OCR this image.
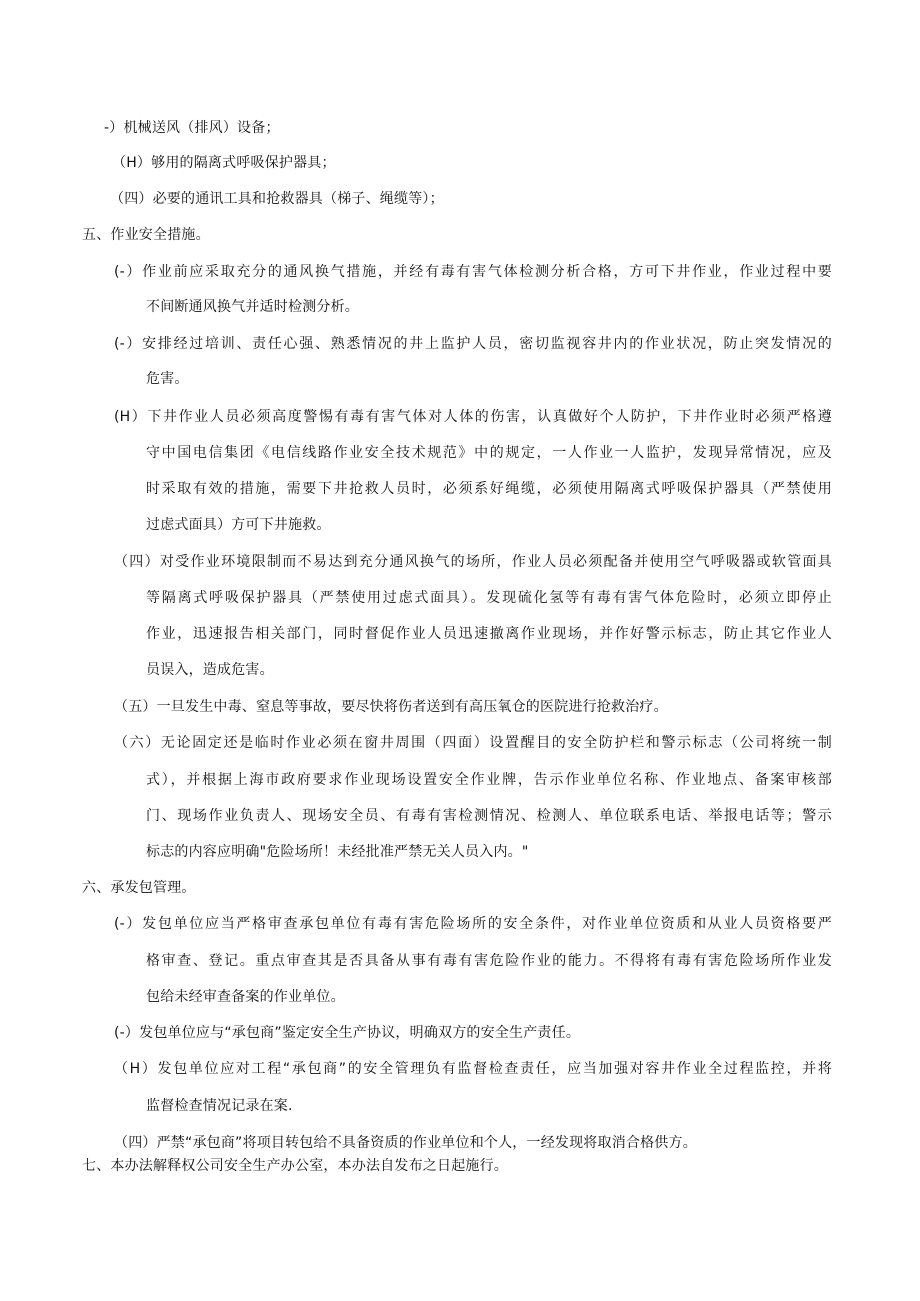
-）机械送风（排风）设备；
（H）够用的隔离式呼吸保护器具；
（四）必要的通讯工具和抢救器具（梯子、绳缆等）；
五、作业安全措施。
(-）作业前应采取充分的通风换气措施，并经有毒有害气体检测分析合格，方可下井作业，作业过程中要
不间断通风换气并适时检测分析。
(-）安排经过培训、责任心强、熟悉情况的井上监护人员，密切监视容井内的作业状况，防止突发情况的
危害。
(H）下井作业人员必须高度警惕有毒有害气体对人体的伤害，认真做好个人防护，下井作业时必须严格遵
守中国电信集团《电信线路作业安全技术规范》中的规定，一人作业一人监护，发现异常情况，应及
时采取有效的措施，需要下井抢救人员时，必须系好绳缆，必须使用隔离式呼吸保护器具（严禁使用
过虑式面具）方可下井施救。
（四）对受作业环境限制而不易达到充分通风换气的场所，作业人员必须配备并使用空气呼吸器或软管面具
等隔离式呼吸保护器具（严禁使用过虑式面具）。发现硫化氢等有毒有害气体危险时，必须立即停止
作业，迅速报告相关部门，同时督促作业人员迅速撤离作业现场，并作好警示标志，防止其它作业人
员误入，造成危害。
（五）一旦发生中毒、窒息等事故，要尽快将伤者送到有高压氧仓的医院进行抢救治疗。
（六）无论固定还是临时作业必须在窗井周围（四面）设置醒目的安全防护栏和警示标志（公司将统一制
式），并根据上海市政府要求作业现场设置安全作业牌，告示作业单位名称、作业地点、备案审核部
门、现场作业负责人、现场安全员、有毒有害检测情况、检测人、单位联系电话、举报电话等；警示
标志的内容应明确"危险场所！未经批准严禁无关人员入内。"
六、承发包管理。
(-）发包单位应当严格审查承包单位有毒有害危险场所的安全条件，对作业单位资质和从业人员资格要严
格审查、登记。重点审查其是否具备从事有毒有害危险作业的能力。不得将有毒有害危险场所作业发
包给未经审查备案的作业单位。
(-）发包单位应与“承包商”鉴定安全生产协议，明确双方的安全生产责任。
（H）发包单位应对工程“承包商”的安全管理负有监督检查责任，应当加强对容井作业全过程监控，并将
监督检查情况记录在案.
（四）严禁“承包商”将项目转包给不具备资质的作业单位和个人，一经发现将取消合格供方。
七、本办法解释权公司安全生产办公室，本办法自发布之日起施行。
